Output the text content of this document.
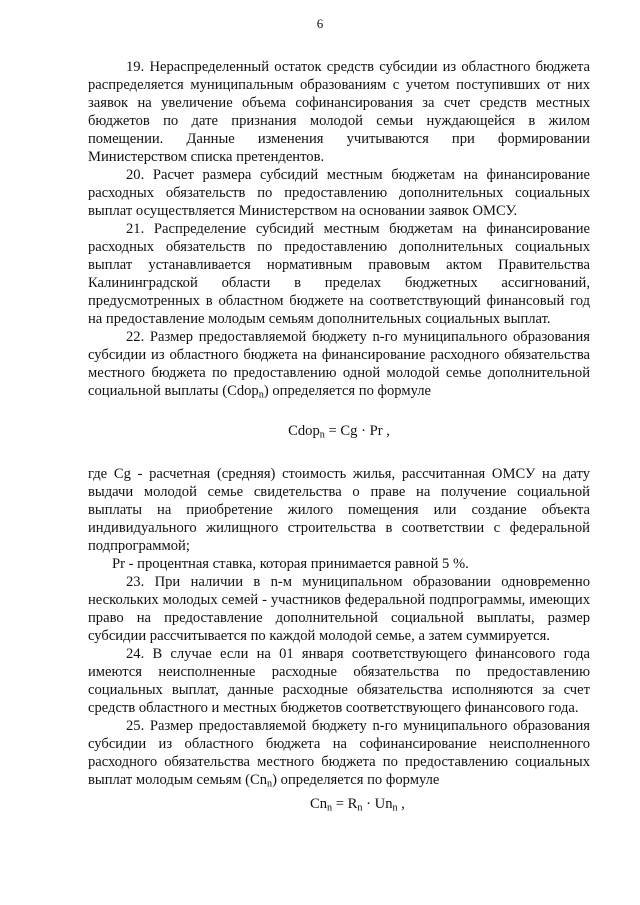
6

19. Нераспределенный остаток средств субсидии из областного бюджета распределяется муниципальным образованиям с учетом поступивших от них заявок на увеличение объема софинансирования за счет средств местных бюджетов по дате признания молодой семьи нуждающейся в жилом помещении. Данные изменения учитываются при формировании Министерством списка претендентов.

20. Расчет размера субсидий местным бюджетам на финансирование расходных обязательств по предоставлению дополнительных социальных выплат осуществляется Министерством на основании заявок ОМСУ.

21. Распределение субсидий местным бюджетам на финансирование расходных обязательств по предоставлению дополнительных социальных выплат устанавливается нормативным правовым актом Правительства Калининградской области в пределах бюджетных ассигнований, предусмотренных в областном бюджете на соответствующий финансовый год на предоставление молодым семьям дополнительных социальных выплат.

22. Размер предоставляемой бюджету n-го муниципального образования субсидии из областного бюджета на финансирование расходного обязательства местного бюджета по предоставлению одной молодой семье дополнительной социальной выплаты (Cdop$_n$) определяется по формуле

Cdop$_n$ = Cg · Pr ,

где Cg - расчетная (средняя) стоимость жилья, рассчитанная ОМСУ на дату выдачи молодой семье свидетельства о праве на получение социальной выплаты на приобретение жилого помещения или создание объекта индивидуального жилищного строительства в соответствии с федеральной подпрограммой;

Pr - процентная ставка, которая принимается равной 5 %.

23. При наличии в n-м муниципальном образовании одновременно нескольких молодых семей - участников федеральной подпрограммы, имеющих право на предоставление дополнительной социальной выплаты, размер субсидии рассчитывается по каждой молодой семье, а затем суммируется.

24. В случае если на 01 января соответствующего финансового года имеются неисполненные расходные обязательства по предоставлению социальных выплат, данные расходные обязательства исполняются за счет средств областного и местных бюджетов соответствующего финансового года.

25. Размер предоставляемой бюджету n-го муниципального образования субсидии из областного бюджета на софинансирование неисполненного расходного обязательства местного бюджета по предоставлению социальных выплат молодым семьям $(Cn_n)$ определяется по формуле

$Cn_n = R_n \cdot Un_n$ ,
